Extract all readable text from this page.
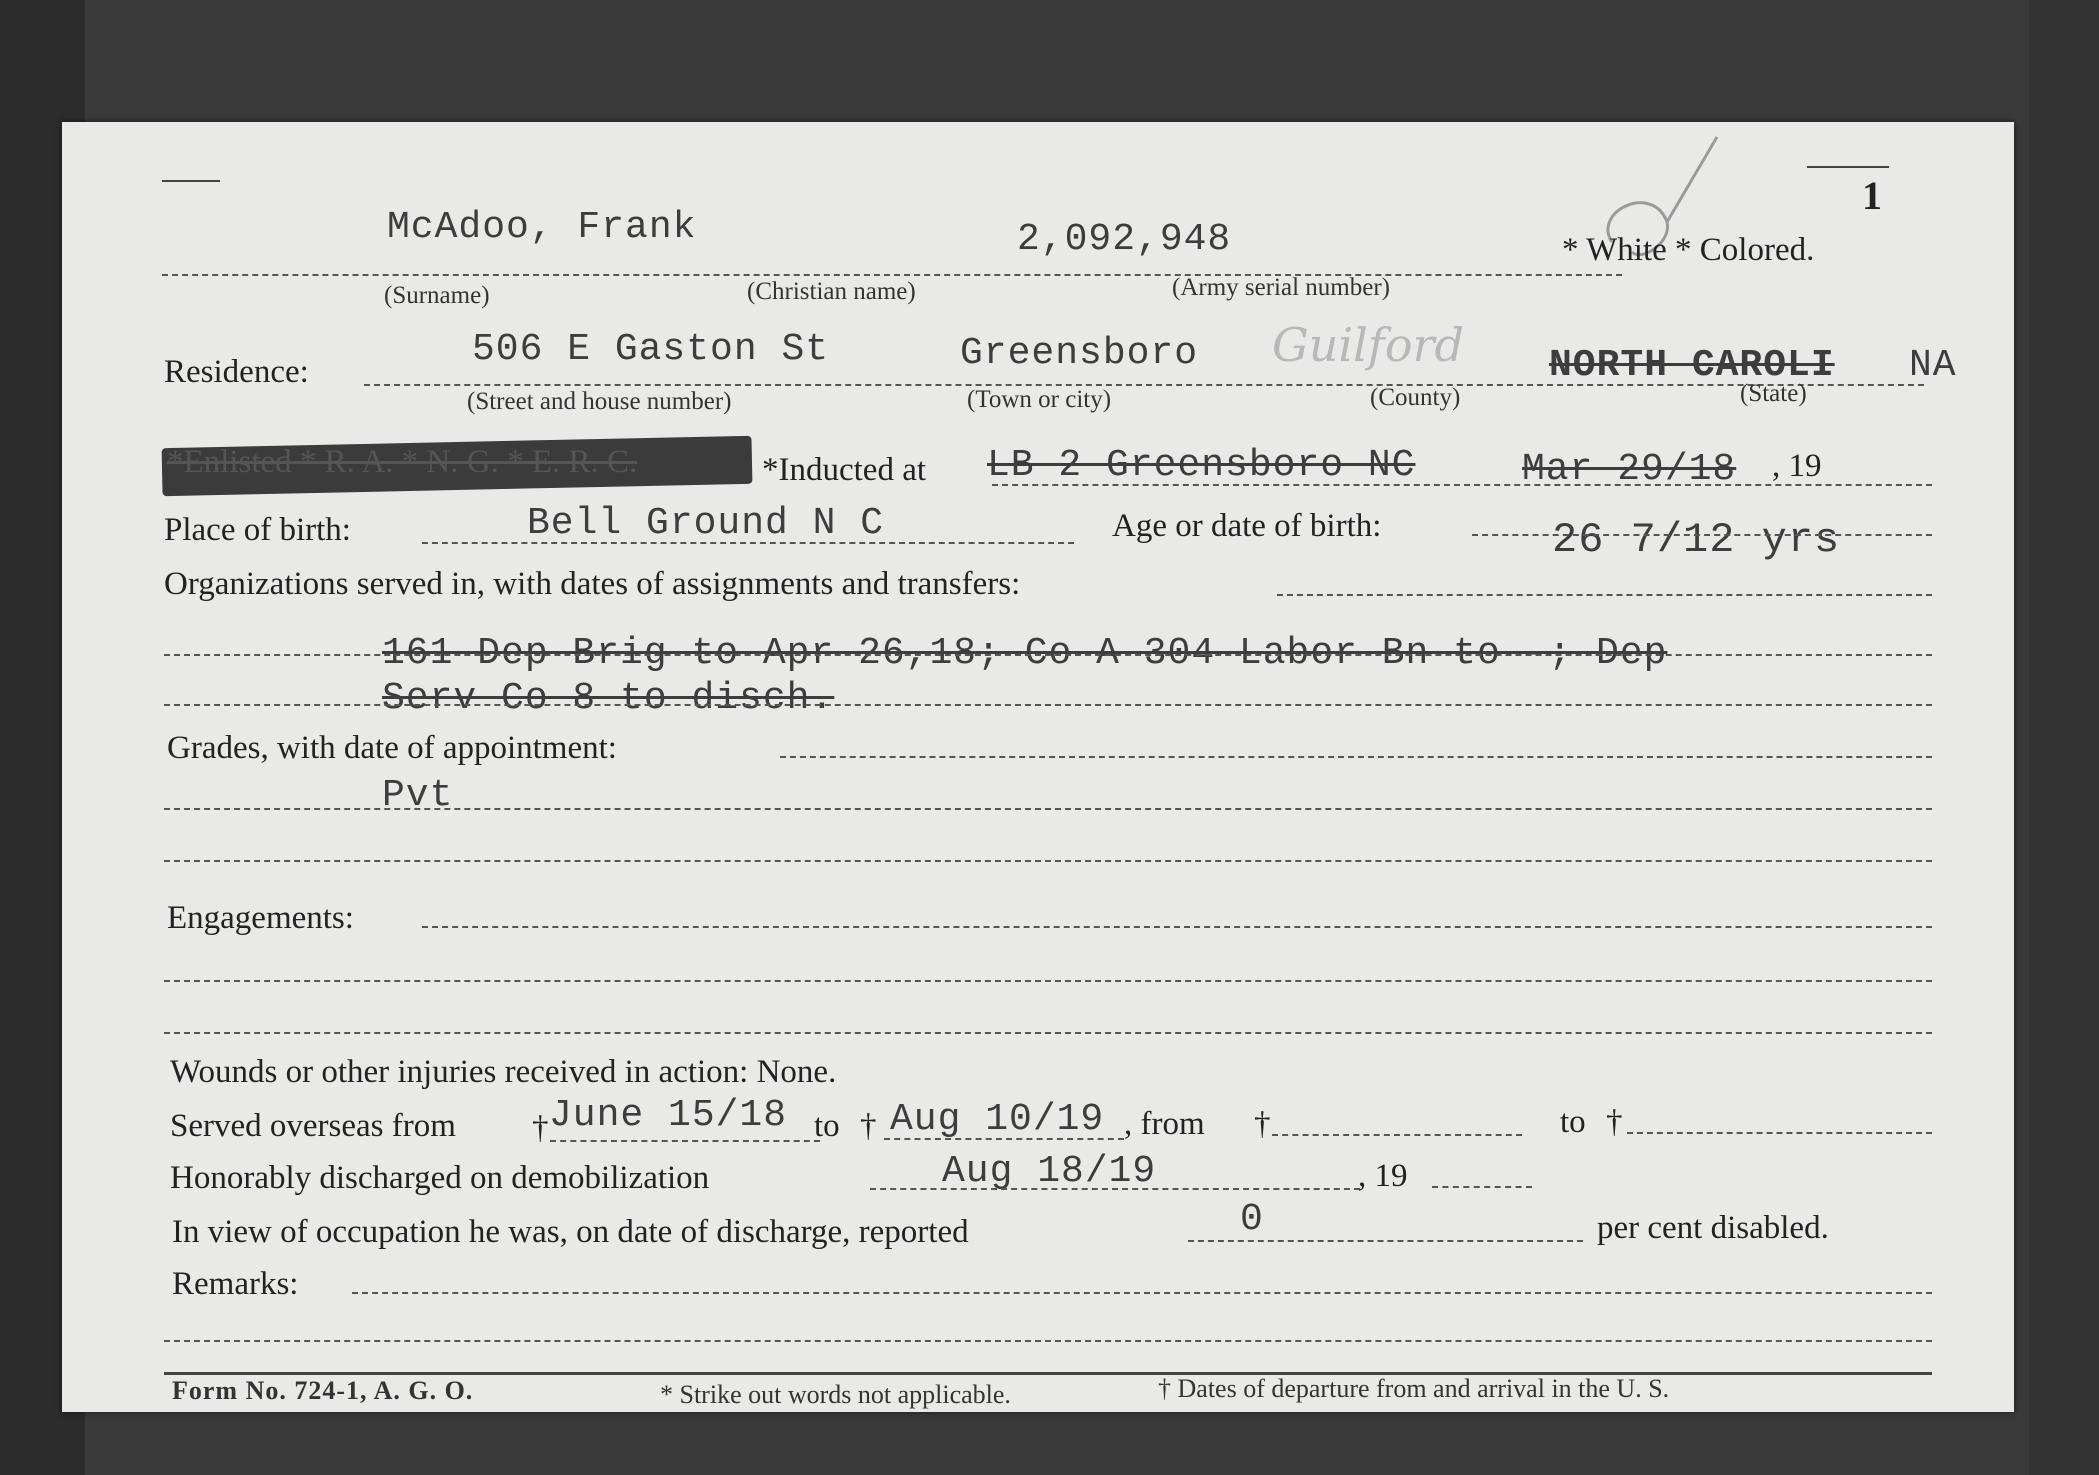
1
McAdoo, Frank	2,092,948	* White * Colored.
(Surname)	(Christian name)	(Army serial number)
Residence:
506 E Gaston St	Greensboro Guilford NORTH CAROLI NA
(Street and house number)	(Town or city)	(County)	(State)
*Enlisted * R. A. * N. G. * E. R. C.	*Inducted at LB 2 Greensboro NC	Mar 29/18 , 19
Place of birth:	Bell Ground N C	Age or date of birth:	26 7/12 yrs
Organizations served in, with dates of assignments and transfers:
161 Dep Brig to Apr 26,18; Co A 304 Labor Bn to -; Dep
Serv Co 8 to disch.
Grades, with date of appointment:
Pvt
Engagements:
Wounds or other injuries received in action: None.
Served overseas from † June 15/18 to † Aug 10/19 , from †	to †
Honorably discharged on demobilization	Aug 18/19	, 19
In view of occupation he was, on date of discharge, reported	0	per cent disabled.
Remarks:
Form No. 724-1, A. G. O.	* Strike out words not applicable.	† Dates of departure from and arrival in the U. S.
